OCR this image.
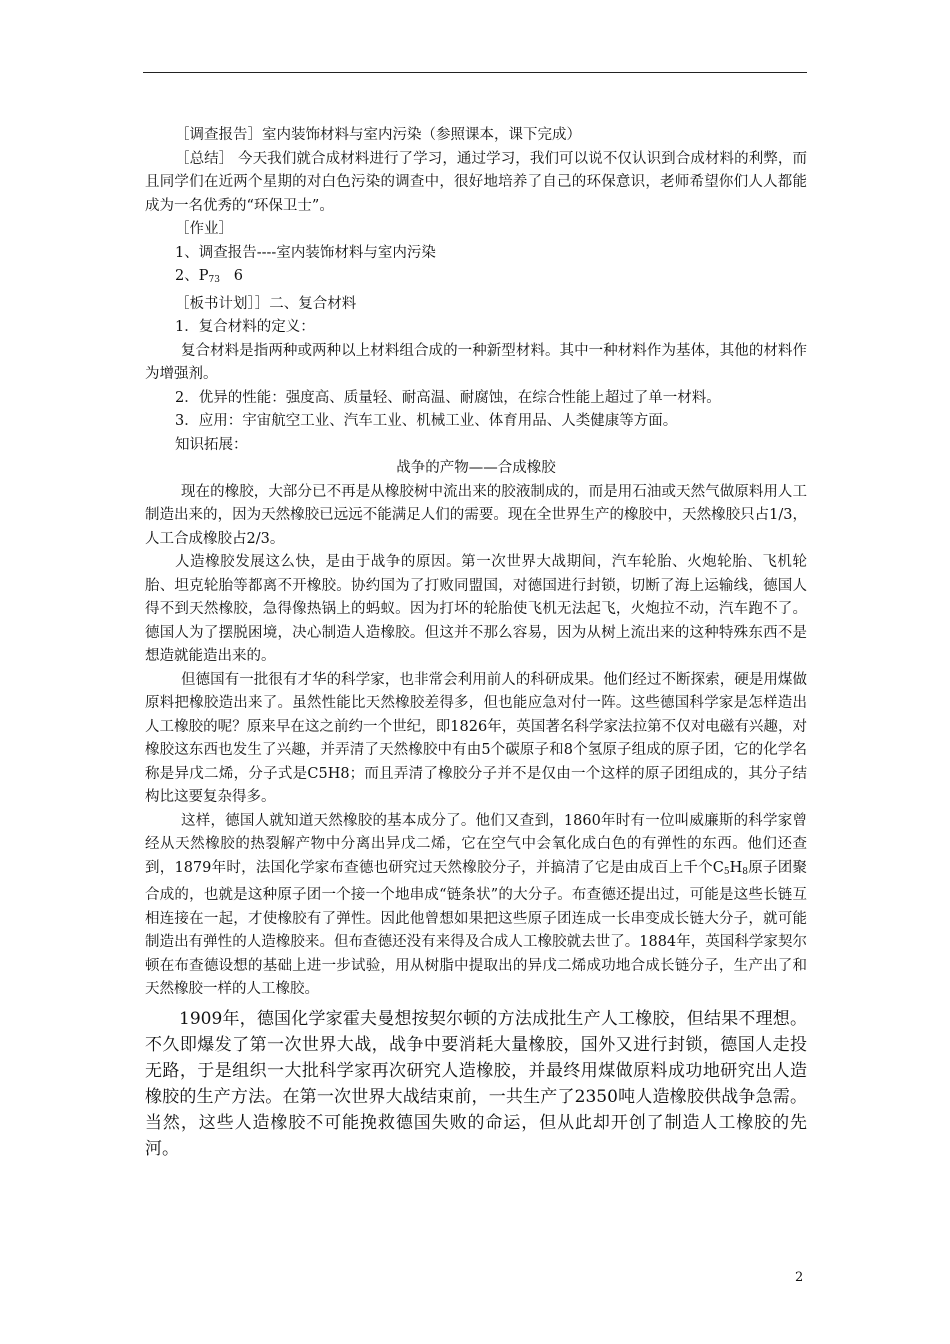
［调查报告］室内装饰材料与室内污染（参照课本，课下完成）

［总结］ 今天我们就合成材料进行了学习，通过学习，我们可以说不仅认识到合成材料的利弊，而且同学们在近两个星期的对白色污染的调查中，很好地培养了自己的环保意识，老师希望你们人人都能成为一名优秀的“环保卫士”。

［作业］

1、调查报告----室内装饰材料与室内污染

2、$P_{73}$   6

［板书计划］］二、复合材料

1．复合材料的定义：

复合材料是指两种或两种以上材料组合成的一种新型材料。其中一种材料作为基体，其他的材料作为增强剂。

2．优异的性能：强度高、质量轻、耐高温、耐腐蚀，在综合性能上超过了单一材料。

3．应用：宇宙航空工业、汽车工业、机械工业、体育用品、人类健康等方面。

知识拓展：

战争的产物——合成橡胶

现在的橡胶，大部分已不再是从橡胶树中流出来的胶液制成的，而是用石油或天然气做原料用人工制造出来的，因为天然橡胶已远远不能满足人们的需要。现在全世界生产的橡胶中，天然橡胶只占1/3，人工合成橡胶占2/3。

人造橡胶发展这么快，是由于战争的原因。第一次世界大战期间，汽车轮胎、火炮轮胎、飞机轮胎、坦克轮胎等都离不开橡胶。协约国为了打败同盟国，对德国进行封锁，切断了海上运输线，德国人得不到天然橡胶，急得像热锅上的蚂蚁。因为打坏的轮胎使飞机无法起飞，火炮拉不动，汽车跑不了。德国人为了摆脱困境，决心制造人造橡胶。但这并不那么容易，因为从树上流出来的这种特殊东西不是想造就能造出来的。

但德国有一批很有才华的科学家，也非常会利用前人的科研成果。他们经过不断探索，硬是用煤做原料把橡胶造出来了。虽然性能比天然橡胶差得多，但也能应急对付一阵。这些德国科学家是怎样造出人工橡胶的呢？原来早在这之前约一个世纪，即1826年，英国著名科学家法拉第不仅对电磁有兴趣，对橡胶这东西也发生了兴趣，并弄清了天然橡胶中有由5个碳原子和8个氢原子组成的原子团，它的化学名称是异戊二烯，分子式是C5H8；而且弄清了橡胶分子并不是仅由一个这样的原子团组成的，其分子结构比这要复杂得多。

这样，德国人就知道天然橡胶的基本成分了。他们又查到，1860年时有一位叫威廉斯的科学家曾经从天然橡胶的热裂解产物中分离出异戊二烯，它在空气中会氧化成白色的有弹性的东西。他们还查到，1879年时，法国化学家布查德也研究过天然橡胶分子，并搞清了它是由成百上千个$C_5H_8$原子团聚合成的，也就是这种原子团一个接一个地串成“链条状”的大分子。布查德还提出过，可能是这些长链互相连接在一起，才使橡胶有了弹性。因此他曾想如果把这些原子团连成一长串变成长链大分子，就可能制造出有弹性的人造橡胶来。但布查德还没有来得及合成人工橡胶就去世了。1884年，英国科学家契尔顿在布查德设想的基础上进一步试验，用从树脂中提取出的异戊二烯成功地合成长链分子，生产出了和天然橡胶一样的人工橡胶。

1909年，德国化学家霍夫曼想按契尔顿的方法成批生产人工橡胶，但结果不理想。不久即爆发了第一次世界大战，战争中要消耗大量橡胶，国外又进行封锁，德国人走投无路，于是组织一大批科学家再次研究人造橡胶，并最终用煤做原料成功地研究出人造橡胶的生产方法。在第一次世界大战结束前，一共生产了2350吨人造橡胶供战争急需。当然，这些人造橡胶不可能挽救德国失败的命运，但从此却开创了制造人工橡胶的先河。

2
